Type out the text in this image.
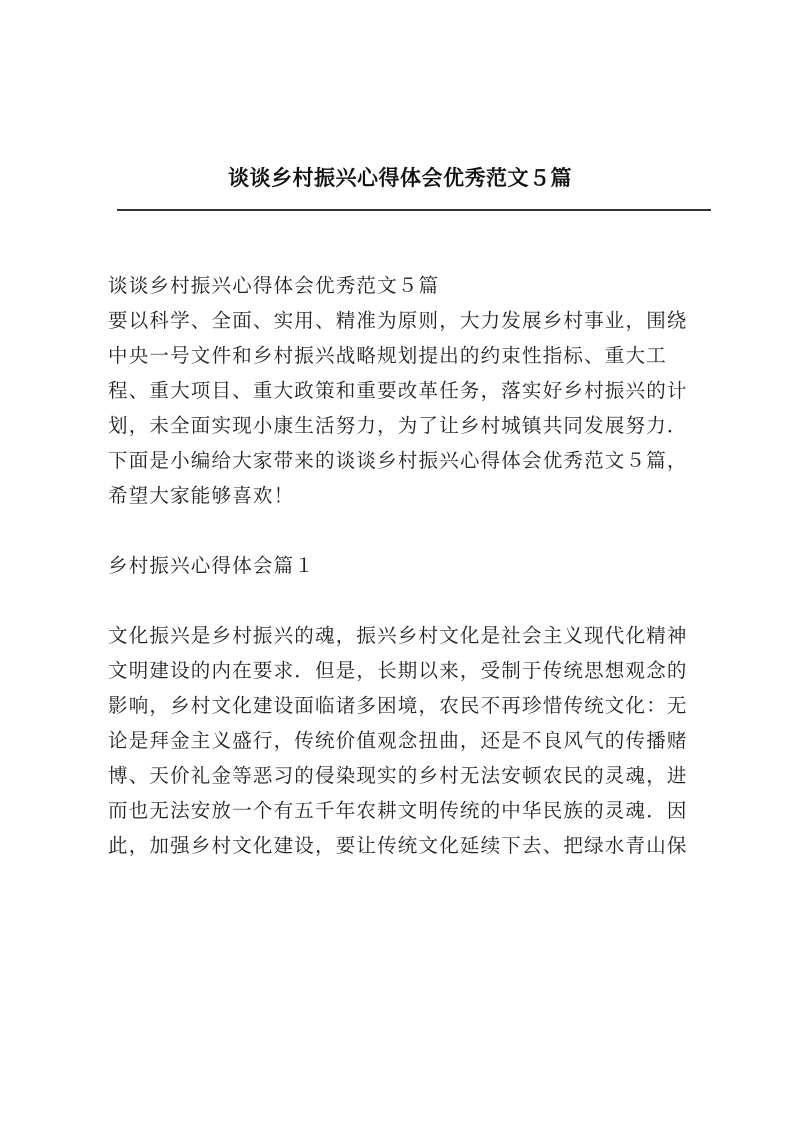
谈谈乡村振兴心得体会优秀范文５篇

谈谈乡村振兴心得体会优秀范文５篇
要以科学、全面、实用、精准为原则，大力发展乡村事业，围绕
中央一号文件和乡村振兴战略规划提出的约束性指标、重大工
程、重大项目、重大政策和重要改革任务，落实好乡村振兴的计
划，未全面实现小康生活努力，为了让乡村城镇共同发展努力．
下面是小编给大家带来的谈谈乡村振兴心得体会优秀范文５篇，
希望大家能够喜欢！

乡村振兴心得体会篇１

文化振兴是乡村振兴的魂，振兴乡村文化是社会主义现代化精神
文明建设的内在要求．但是，长期以来，受制于传统思想观念的
影响，乡村文化建设面临诸多困境，农民不再珍惜传统文化：无
论是拜金主义盛行，传统价值观念扭曲，还是不良风气的传播赌
博、天价礼金等恶习的侵染现实的乡村无法安顿农民的灵魂，进
而也无法安放一个有五千年农耕文明传统的中华民族的灵魂．因
此，加强乡村文化建设，要让传统文化延续下去、把绿水青山保
